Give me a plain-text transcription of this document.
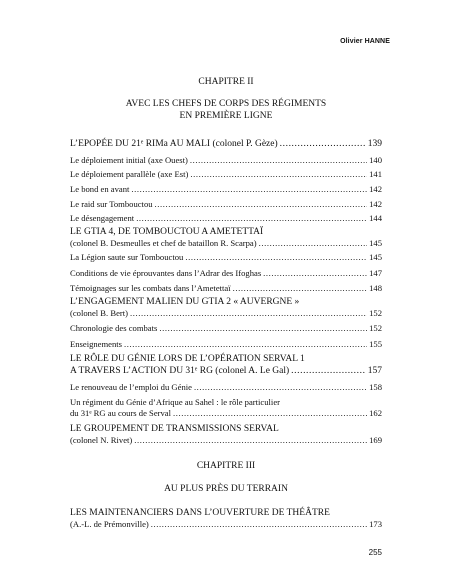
Olivier HANNE
CHAPITRE II
AVEC LES CHEFS DE CORPS DES RÉGIMENTS
EN PREMIÈRE LIGNE
L’EPOPÉE DU 21ᵉ RIMa AU MALI (colonel P. Gèze) .....	139
Le déploiement initial (axe Ouest) .....	140
Le déploiement parallèle (axe Est) .....	141
Le bond en avant .....	142
Le raid sur Tombouctou .....	142
Le désengagement .....	144
LE GTIA 4, DE TOMBOUCTOU A AMETETTAÏ
(colonel B. Desmeulles et chef de bataillon R. Scarpa) .....	145
La Légion saute sur Tombouctou .....	145
Conditions de vie éprouvantes dans l’Adrar des Ifoghas .....	147
Témoignages sur les combats dans l’Ametettaï .....	148
L’ENGAGEMENT MALIEN DU GTIA 2 « AUVERGNE »
(colonel B. Bert) .....	152
Chronologie des combats .....	152
Enseignements .....	155
LE RÔLE DU GÉNIE LORS DE L’OPÉRATION SERVAL 1
A TRAVERS L’ACTION DU 31ᵉ RG (colonel A. Le Gal) .....	157
Le renouveau de l’emploi du Génie .....	158
Un régiment du Génie d’Afrique au Sahel : le rôle particulier
du 31ᵉ RG au cours de Serval .....	162
LE GROUPEMENT DE TRANSMISSIONS SERVAL
(colonel N. Rivet) .....	169
CHAPITRE III
AU PLUS PRÈS DU TERRAIN
LES MAINTENANCIERS DANS L’OUVERTURE DE THÉÂTRE
(A.-L. de Prémonville) .....	173
255
